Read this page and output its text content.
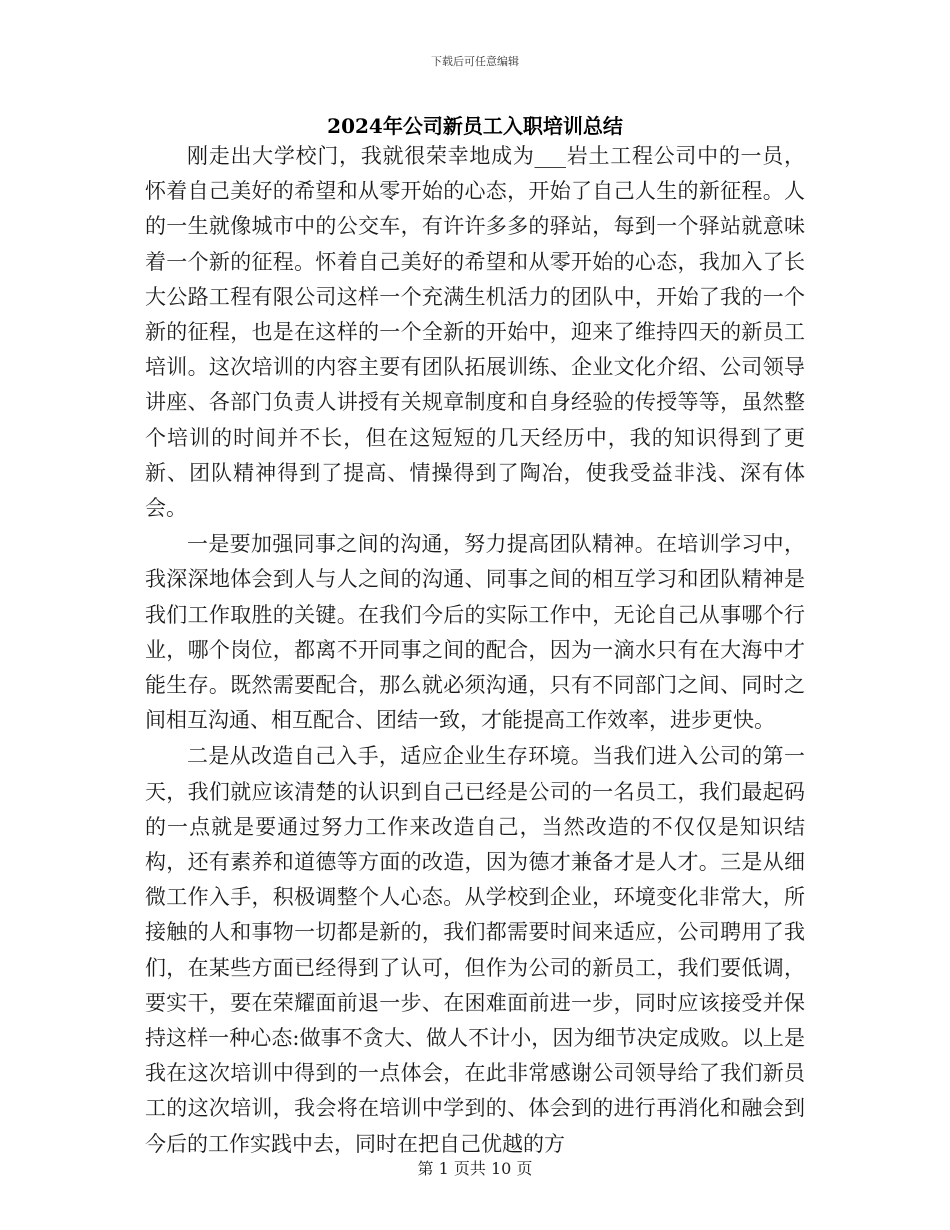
下载后可任意编辑
2024年公司新员工入职培训总结

刚走出大学校门，我就很荣幸地成为___岩土工程公司中的一员，怀着自己美好的希望和从零开始的心态，开始了自己人生的新征程。人的一生就像城市中的公交车，有许许多多的驿站，每到一个驿站就意味着一个新的征程。怀着自己美好的希望和从零开始的心态，我加入了长大公路工程有限公司这样一个充满生机活力的团队中，开始了我的一个新的征程，也是在这样的一个全新的开始中，迎来了维持四天的新员工培训。这次培训的内容主要有团队拓展训练、企业文化介绍、公司领导讲座、各部门负责人讲授有关规章制度和自身经验的传授等等，虽然整个培训的时间并不长，但在这短短的几天经历中，我的知识得到了更新、团队精神得到了提高、情操得到了陶冶，使我受益非浅、深有体会。

一是要加强同事之间的沟通，努力提高团队精神。在培训学习中，我深深地体会到人与人之间的沟通、同事之间的相互学习和团队精神是我们工作取胜的关键。在我们今后的实际工作中，无论自己从事哪个行业，哪个岗位，都离不开同事之间的配合，因为一滴水只有在大海中才能生存。既然需要配合，那么就必须沟通，只有不同部门之间、同时之间相互沟通、相互配合、团结一致，才能提高工作效率，进步更快。

二是从改造自己入手，适应企业生存环境。当我们进入公司的第一天，我们就应该清楚的认识到自己已经是公司的一名员工，我们最起码的一点就是要通过努力工作来改造自己，当然改造的不仅仅是知识结构，还有素养和道德等方面的改造，因为德才兼备才是人才。三是从细微工作入手，积极调整个人心态。从学校到企业，环境变化非常大，所接触的人和事物一切都是新的，我们都需要时间来适应，公司聘用了我们，在某些方面已经得到了认可，但作为公司的新员工，我们要低调，要实干，要在荣耀面前退一步、在困难面前进一步，同时应该接受并保持这样一种心态:做事不贪大、做人不计小，因为细节决定成败。以上是我在这次培训中得到的一点体会，在此非常感谢公司领导给了我们新员工的这次培训，我会将在培训中学到的、体会到的进行再消化和融会到今后的工作实践中去，同时在把自己优越的方

第 1 页共 10 页
